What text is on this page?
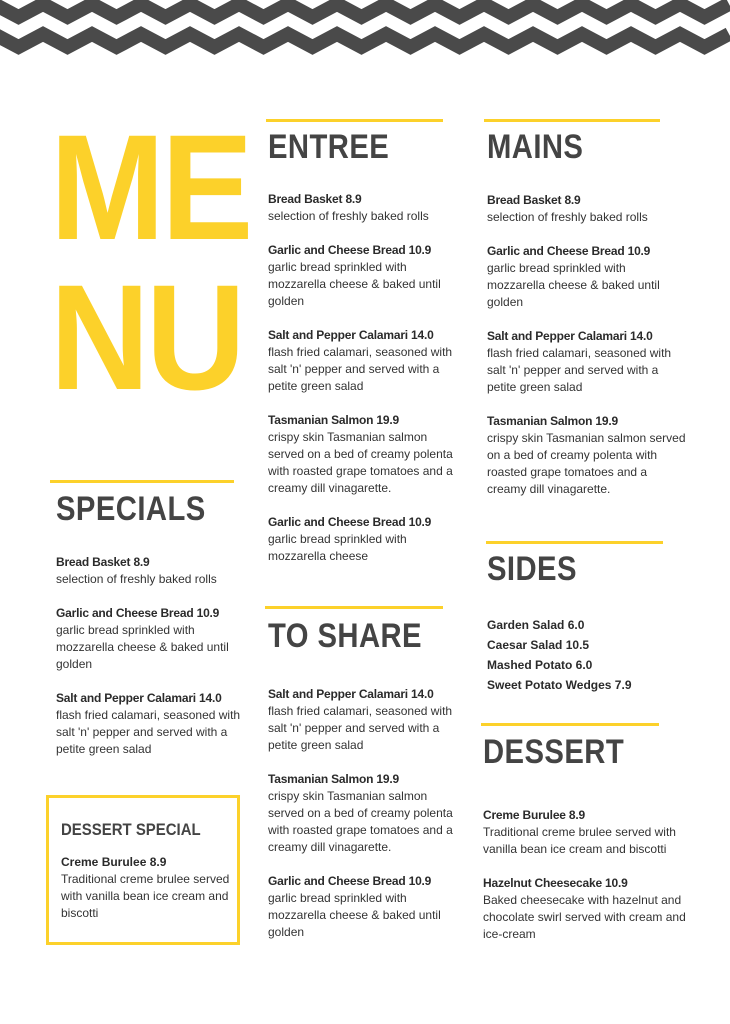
ME
NU
ENTREE
Bread Basket 8.9
selection of freshly baked rolls
Garlic and Cheese Bread 10.9
garlic bread sprinkled with mozzarella cheese & baked until golden
Salt and Pepper Calamari 14.0
flash fried calamari, seasoned with salt 'n' pepper and served with a petite green salad
Tasmanian Salmon 19.9
crispy skin Tasmanian salmon served on a bed of creamy polenta with roasted grape tomatoes and a creamy dill vinagarette.
Garlic and Cheese Bread 10.9
garlic bread sprinkled with mozzarella cheese
MAINS
Bread Basket 8.9
selection of freshly baked rolls
Garlic and Cheese Bread 10.9
garlic bread sprinkled with mozzarella cheese & baked until golden
Salt and Pepper Calamari 14.0
flash fried calamari, seasoned with salt 'n' pepper and served with a petite green salad
Tasmanian Salmon 19.9
crispy skin Tasmanian salmon served on a bed of creamy polenta with roasted grape tomatoes and a creamy dill vinagarette.
SPECIALS
Bread Basket 8.9
selection of freshly baked rolls
Garlic and Cheese Bread 10.9
garlic bread sprinkled with mozzarella cheese & baked until golden
Salt and Pepper Calamari 14.0
flash fried calamari, seasoned with salt 'n' pepper and served with a petite green salad
TO SHARE
Salt and Pepper Calamari 14.0
flash fried calamari, seasoned with salt 'n' pepper and served with a petite green salad
Tasmanian Salmon 19.9
crispy skin Tasmanian salmon served on a bed of creamy polenta with roasted grape tomatoes and a creamy dill vinagarette.
Garlic and Cheese Bread 10.9
garlic bread sprinkled with mozzarella cheese & baked until golden
SIDES
Garden Salad 6.0
Caesar Salad 10.5
Mashed Potato 6.0
Sweet Potato Wedges 7.9
DESSERT
Creme Burulee 8.9
Traditional creme brulee served with vanilla bean ice cream and biscotti
Hazelnut Cheesecake 10.9
Baked cheesecake with hazelnut and chocolate swirl served with cream and ice-cream
DESSERT SPECIAL
Creme Burulee 8.9
Traditional creme brulee served with vanilla bean ice cream and biscotti
